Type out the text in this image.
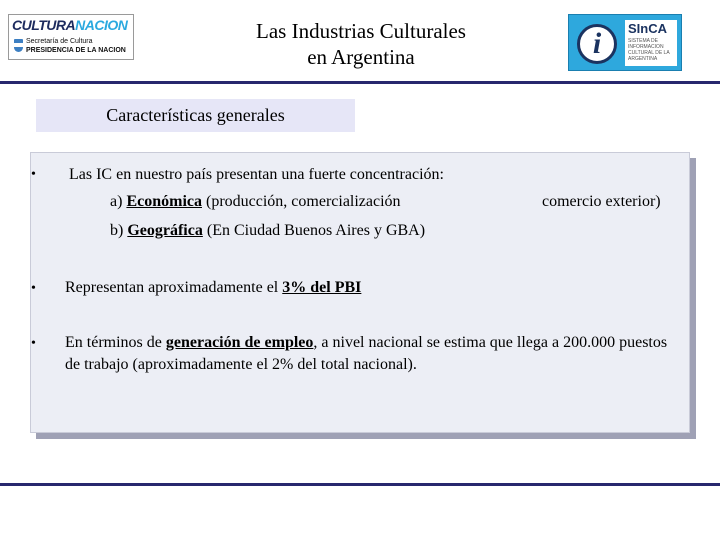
CULTURANACION
Secretaría de Cultura
PRESIDENCIA DE LA NACION
Las Industrias Culturales
en Argentina	i	SInCA
SISTEMA DE INFORMACION CULTURAL DE LA ARGENTINA
Características generales
• Las IC en nuestro país presentan una fuerte concentración:
a) Económica (producción, comercialización	comercio exterior)
b) Geográfica (En Ciudad Buenos Aires y GBA)
• Representan aproximadamente el 3% del PBI
• En términos de generación de empleo, a nivel nacional se estima que llega a 200.000 puestos de trabajo (aproximadamente el 2% del total nacional).
